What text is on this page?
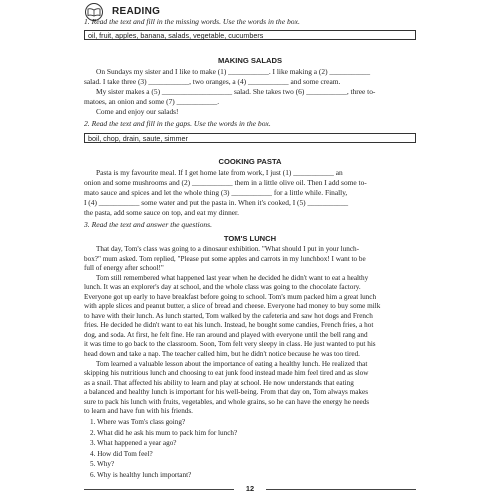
READING
1. Read the text and fill in the missing words. Use the words in the box.
oil, fruit, apples, banana, salads, vegetable, cucumbers
MAKING SALADS

On Sundays my sister and I like to make (1) ___________. I like making a (2) ___________

salad. I take three (3) ___________, two oranges, a (4) ___________ and some cream.

My sister makes a (5) ___________________ salad. She takes two (6) ___________, three to-

matoes, an onion and some (7) ___________.

Come and enjoy our salads!

2. Read the text and fill in the gaps. Use the words in the box.
boil, chop, drain, saute, simmer
COOKING PASTA

Pasta is my favourite meal. If I get home late from work, I just (1) ___________ an

onion and some mushrooms and (2) ___________ them in a little olive oil. Then I add some to-

mato sauce and spices and let the whole thing (3) ___________ for a little while. Finally,

I (4) ___________ some water and put the pasta in. When it's cooked, I (5) ___________

the pasta, add some sauce on top, and eat my dinner.

3. Read the text and answer the questions.
TOM'S LUNCH

That day, Tom's class was going to a dinosaur exhibition. "What should I put in your lunch-

box?" mum asked. Tom replied, "Please put some apples and carrots in my lunchbox! I want to be

full of energy after school!"

Tom still remembered what happened last year when he decided he didn't want to eat a healthy

lunch. It was an explorer's day at school, and the whole class was going to the chocolate factory.

Everyone got up early to have breakfast before going to school. Tom's mum packed him a great lunch

with apple slices and peanut butter, a slice of bread and cheese. Everyone had money to buy some milk

to have with their lunch. As lunch started, Tom walked by the cafeteria and saw hot dogs and French

fries. He decided he didn't want to eat his lunch. Instead, he bought some candies, French fries, a hot

dog, and soda. At first, he felt fine. He ran around and played with everyone until the bell rang and

it was time to go back to the classroom. Soon, Tom felt very sleepy in class. He just wanted to put his

head down and take a nap. The teacher called him, but he didn't notice because he was too tired.

Tom learned a valuable lesson about the importance of eating a healthy lunch. He realized that

skipping his nutritious lunch and choosing to eat junk food instead made him feel tired and as slow

as a snail. That affected his ability to learn and play at school. He now understands that eating

a balanced and healthy lunch is important for his well-being. From that day on, Tom always makes

sure to pack his lunch with fruits, vegetables, and whole grains, so he can have the energy he needs

to learn and have fun with his friends.

1. Where was Tom's class going?
2. What did he ask his mum to pack him for lunch?
3. What happened a year ago?
4. How did Tom feel?
5. Why?
6. Why is healthy lunch important?
12
